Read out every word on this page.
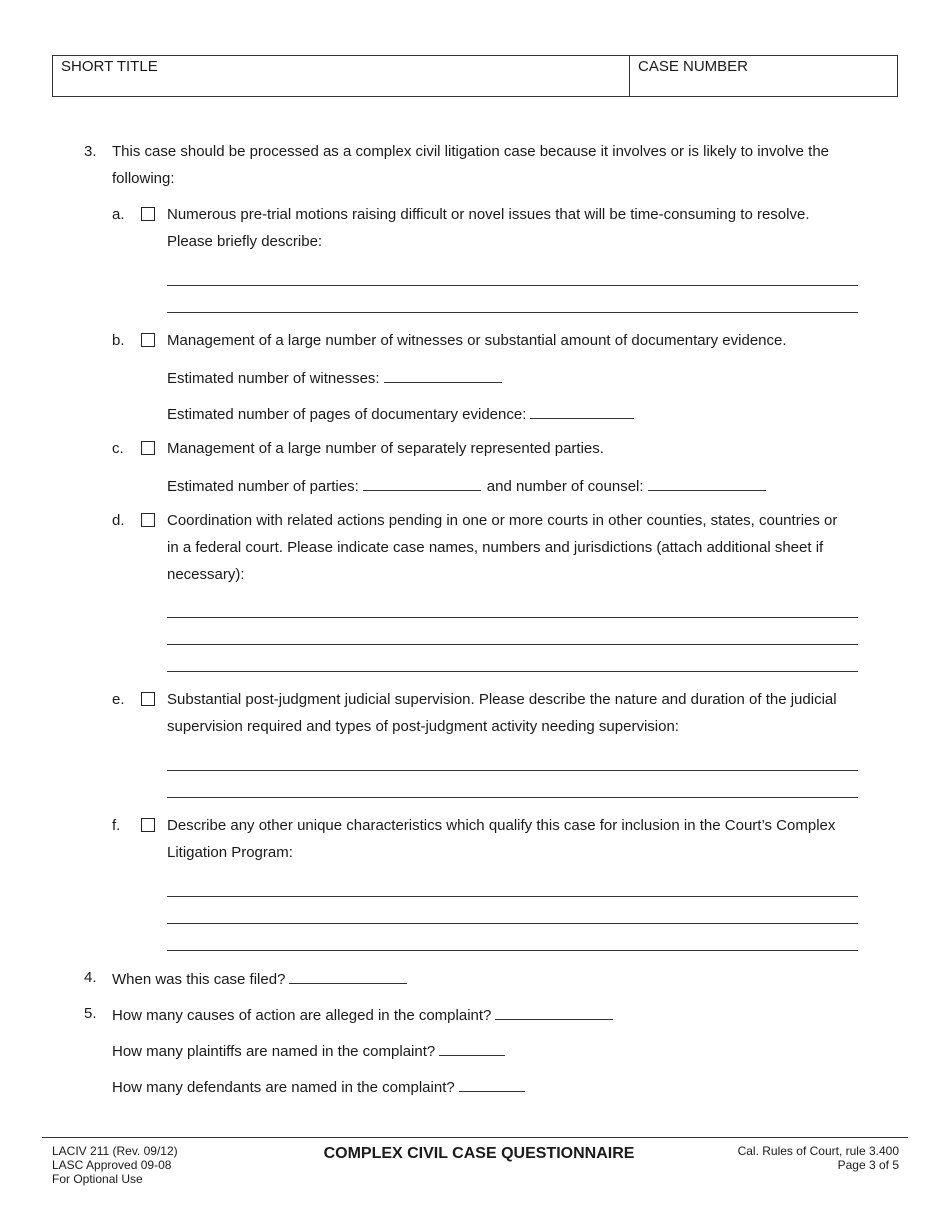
SHORT TITLE	CASE NUMBER
3. This case should be processed as a complex civil litigation case because it involves or is likely to involve the
following:
a.	Numerous pre-trial motions raising difficult or novel issues that will be time-consuming to resolve.
Please briefly describe:
b.	Management of a large number of witnesses or substantial amount of documentary evidence.
Estimated number of witnesses:
Estimated number of pages of documentary evidence:
c.	Management of a large number of separately represented parties.
Estimated number of parties:	and number of counsel:
d.	Coordination with related actions pending in one or more courts in other counties, states, countries or
in a federal court. Please indicate case names, numbers and jurisdictions (attach additional sheet if
necessary):
e.	Substantial post-judgment judicial supervision. Please describe the nature and duration of the judicial
supervision required and types of post-judgment activity needing supervision:
f.	Describe any other unique characteristics which qualify this case for inclusion in the Court’s Complex
Litigation Program:
4. When was this case filed?
5. How many causes of action are alleged in the complaint?
How many plaintiffs are named in the complaint?
How many defendants are named in the complaint?
LACIV 211 (Rev. 09/12)
LASC Approved 09-08
For Optional Use
COMPLEX CIVIL CASE QUESTIONNAIRE	Cal. Rules of Court, rule 3.400
Page 3 of 5
